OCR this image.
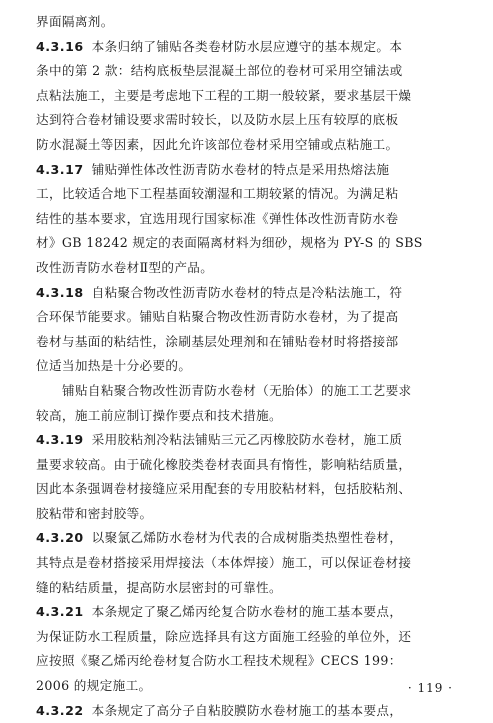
界面隔离剂。
4.3.16 本条归纳了铺贴各类卷材防水层应遵守的基本规定。本
条中的第 2 款：结构底板垫层混凝土部位的卷材可采用空铺法或
点粘法施工，主要是考虑地下工程的工期一般较紧，要求基层干燥
达到符合卷材铺设要求需时较长，以及防水层上压有较厚的底板
防水混凝土等因素，因此允许该部位卷材采用空铺或点粘施工。
4.3.17 铺贴弹性体改性沥青防水卷材的特点是采用热熔法施
工，比较适合地下工程基面较潮湿和工期较紧的情况。为满足粘
结性的基本要求，宜选用现行国家标准《弹性体改性沥青防水卷
材》GB 18242 规定的表面隔离材料为细砂，规格为 PY-S 的 SBS
改性沥青防水卷材Ⅱ型的产品。
4.3.18 自粘聚合物改性沥青防水卷材的特点是冷粘法施工，符
合环保节能要求。铺贴自粘聚合物改性沥青防水卷材，为了提高
卷材与基面的粘结性，涂刷基层处理剂和在铺贴卷材时将搭接部
位适当加热是十分必要的。
铺贴自粘聚合物改性沥青防水卷材（无胎体）的施工工艺要求
较高，施工前应制订操作要点和技术措施。
4.3.19 采用胶粘剂冷粘法铺贴三元乙丙橡胶防水卷材，施工质
量要求较高。由于硫化橡胶类卷材表面具有惰性，影响粘结质量，
因此本条强调卷材接缝应采用配套的专用胶粘材料，包括胶粘剂、
胶粘带和密封胶等。
4.3.20 以聚氯乙烯防水卷材为代表的合成树脂类热塑性卷材，
其特点是卷材搭接采用焊接法（本体焊接）施工，可以保证卷材接
缝的粘结质量，提高防水层密封的可靠性。
4.3.21 本条规定了聚乙烯丙纶复合防水卷材的施工基本要点，
为保证防水工程质量，除应选择具有这方面施工经验的单位外，还
应按照《聚乙烯丙纶卷材复合防水工程技术规程》CECS 199：
2006 的规定施工。
4.3.22 本条规定了高分子自粘胶膜防水卷材施工的基本要点，
· 119 ·
